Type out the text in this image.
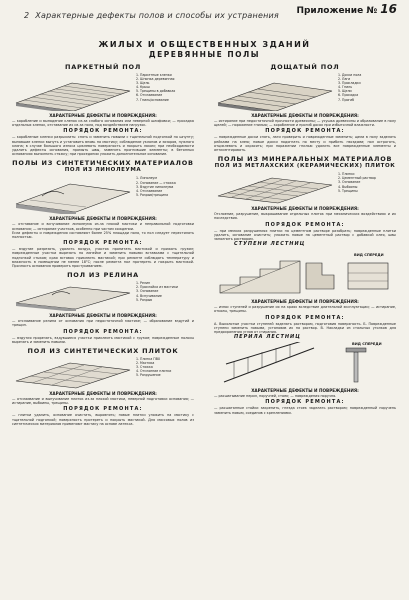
Приложение № 16
2 Характерные дефекты полов и способы их устранения
ЖИЛЫХ И ОБЩЕСТВЕННЫХ ЗДАНИЙ
ДЕРЕВЯННЫЕ ПОЛЫ
ПАРКЕТНЫЙ ПОЛ
1. Паркетные клепки
2. Шпонка деревянная
3. Щель
4. Крыш
5. Трещины в добавках
6. Отслаивание
7. Гниль/основание
ХАРАКТЕРНЫЕ ДЕФЕКТЫ И ПОВРЕЖДЕНИЯ:

— коробление и выпадение клепок из-за слабого основания или неверной шлифовки; — просадка отдельных клепок, отставание их из-за пола, под воздействием нагрузок.

ПОРЯДОК РЕМОНТА:

— коробленые клепки разрыхлить: снять и заменить новыми с тщательной подгонкой по шпунту; выпавшие клепки вынуть и установить вновь на мастику; соблюдение уклонов и зазоров, нужного клина; в случае большого износа циклевать поверхность и покрыть лаком; при необходимости удалить дефекты основания, промыть швы, заменить прогнившие элементы; в бетонных основаниях выполнить стяжку; при проседании уложить дополнительное основание.

ПОЛЫ ИЗ СИНТЕТИЧЕСКИХ МАТЕРИАЛОВ
ПОЛ ИЗ ЛИНОЛЕУМА
1. Линолеум
2. Основание — стяжка
3. Вздутие линолеума
4. Отслаивание
5. Разрыв/трещина
ХАРАКТЕРНЫЕ ДЕФЕКТЫ И ПОВРЕЖДЕНИЯ:

— отставание и вспучивание линолеума из-за плохой мастики и неправильной подготовки основания; — истирание участков, особенно при частом хождении.

Если дефекты и повреждения составляют более 25% площади пола, то пол следует перестилать полностью.

ПОРЯДОК РЕМОНТА:

— вздутие разрезать, удалить воздух, участок пропитать мастикой и прижать грузом; поврежденные участки вырезать по линейке и заменить новыми вставками с тщательной подгонкой стыков; края вставок приклеить мастикой; при ремонте соблюдать температуру и влажность в помещении не менее 18°C; после ремонта пол протереть и покрыть мастикой. Прочность основания проверить простукиванием.

ПОЛ ИЗ РЕЛИНА
1. Релин
2. Прослойка из мастики
3. Основание
4. Вспучивание
5. Разрыв
ХАРАКТЕРНЫЕ ДЕФЕКТЫ И ПОВРЕЖДЕНИЯ:

— отслаивание релина от основания при недостаточной мастике; — образование вздутий и трещин.

ПОРЯДОК РЕМОНТА:

— вздутия прорезать, вздувшиеся участки приклеить мастикой с грузом; поврежденные полосы вырезать и заменить новыми.

ПОЛ ИЗ СИНТЕТИЧЕСКИХ ПЛИТОК
1. Плитка ПВХ
2. Мастика
3. Стяжка
4. Отслоение плитки
5. Разрушение
ХАРАКТЕРНЫЕ ДЕФЕКТЫ И ПОВРЕЖДЕНИЯ:

— отслаивание и выпучивание плиток из-за плохой мастики, неверной подготовки основания; — истирание, выбоины, трещины.

ПОРЯДОК РЕМОНТА:

— плитки удалить, основание очистить, выровнять; новые плитки уложить на мастику с тщательной подгонкой; поверхность протереть и покрыть мастикой. Для массовых полов из синтетических материалов применяют мастику на основе латекса.

ДОЩАТЫЙ ПОЛ
1. Доски пола
2. Лаги
3. Прокладки
4. Гниль
5. Щели
6. Просадка
7. Прогиб
ХАРАКТЕРНЫЕ ДЕФЕКТЫ И ПОВРЕЖДЕНИЯ:

— истирание при недостаточной прочности древесины; — усушка древесины и образование в полу щелей; — поражение гнилью; — коробление и прогиб досок при избыточной влажности.

ПОРЯДОК РЕМОНТА:

— поврежденные доски снять, лаги проверить и поврежденные заменить; щели в полу заделать рейками на клею; новые доски подогнать по месту и прибить гвоздями; пол острогать, отциклевать и окрасить; при поражении гнилью удалить все поврежденные элементы и антисептировать.

ПОЛЫ ИЗ МИНЕРАЛЬНЫХ МАТЕРИАЛОВ
ПОЛ ИЗ МЕТЛАХСКИХ (КЕРАМИЧЕСКИХ) ПЛИТОК
1. Плитки
2. Цементный раствор
3. Основание
4. Выбоины
5. Трещины
ХАРАКТЕРНЫЕ ДЕФЕКТЫ И ПОВРЕЖДЕНИЯ:

Отслоение, разрушение, выкрашивание отдельных плиток при механических воздействиях и их последствия.

ПОРЯДОК РЕМОНТА:

— при мелких разрушениях плитки на цементном растворе разобрать; поврежденные плитки удалить, основание очистить; уложить новые на цементный раствор с добавкой клея, швы заполнить раствором.

СТУПЕНИ ЛЕСТНИЦ
ВИД СПЕРЕДИ
ХАРАКТЕРНЫЕ ДЕФЕКТЫ И ПОВРЕЖДЕНИЯ:

— износ ступеней и разрушение их на краях вследствие длительной эксплуатации; — истирание, отколы, трещины.

ПОРЯДОК РЕМОНТА:

А. Выколотые участки ступеней заделать раствором, подготовив поверхность. Б. Поврежденные ступени заменить новыми, установив их на раствор. В. Накладки из стальных уголков для предохранения углов от стирания.

ПЕРИЛА ЛЕСТНИЦ
ВИД СПЕРЕДИ
ХАРАКТЕРНЫЕ ДЕФЕКТЫ И ПОВРЕЖДЕНИЯ:

— расшатывание перил, поручней, стоек; — повреждения поручня.

ПОРЯДОК РЕМОНТА:

— расшатанные стойки закрепить, гнезда стоек заделать раствором; поврежденный поручень заменить новым, соединив с креплениями.
